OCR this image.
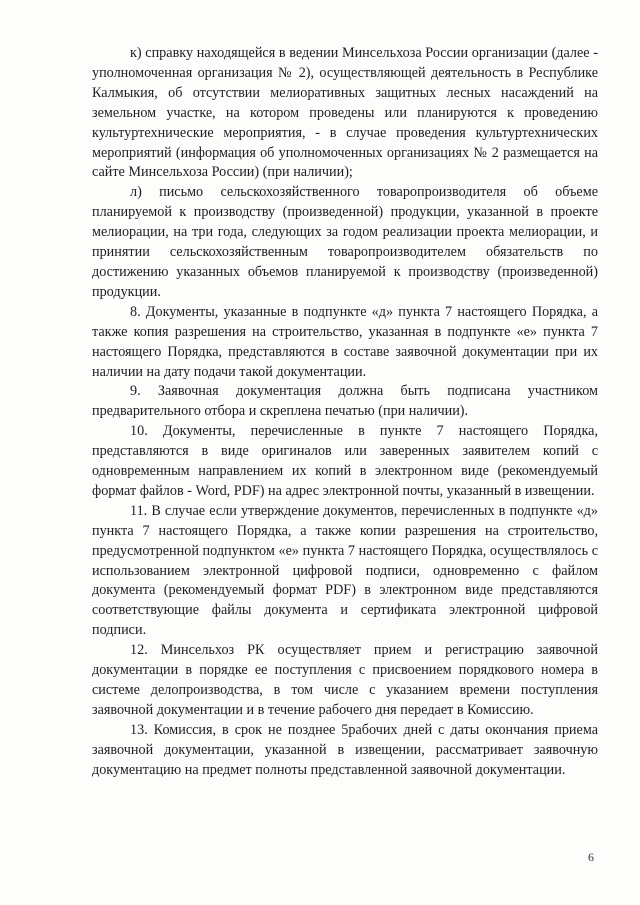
к) справку находящейся в ведении Минсельхоза России организации (далее - уполномоченная организация № 2), осуществляющей деятельность в Республике Калмыкия, об отсутствии мелиоративных защитных лесных насаждений на земельном участке, на котором проведены или планируются к проведению культуртехнические мероприятия, - в случае проведения культуртехнических мероприятий (информация об уполномоченных организациях № 2 размещается на сайте Минсельхоза России) (при наличии);

л) письмо сельскохозяйственного товаропроизводителя об объеме планируемой к производству (произведенной) продукции, указанной в проекте мелиорации, на три года, следующих за годом реализации проекта мелиорации, и принятии сельскохозяйственным товаропроизводителем обязательств по достижению указанных объемов планируемой к производству (произведенной) продукции.

8. Документы, указанные в подпункте «д» пункта 7 настоящего Порядка, а также копия разрешения на строительство, указанная в подпункте «е» пункта 7 настоящего Порядка, представляются в составе заявочной документации при их наличии на дату подачи такой документации.

9. Заявочная документация должна быть подписана участником предварительного отбора и скреплена печатью (при наличии).

10. Документы, перечисленные в пункте 7 настоящего Порядка, представляются в виде оригиналов или заверенных заявителем копий с одновременным направлением их копий в электронном виде (рекомендуемый формат файлов - Word, PDF) на адрес электронной почты, указанный в извещении.

11. В случае если утверждение документов, перечисленных в подпункте «д» пункта 7 настоящего Порядка, а также копии разрешения на строительство, предусмотренной подпунктом «е» пункта 7 настоящего Порядка, осуществлялось с использованием электронной цифровой подписи, одновременно с файлом документа (рекомендуемый формат PDF) в электронном виде представляются соответствующие файлы документа и сертификата электронной цифровой подписи.

12. Минсельхоз РК осуществляет прием и регистрацию заявочной документации в порядке ее поступления с присвоением порядкового номера в системе делопроизводства, в том числе с указанием времени поступления заявочной документации и в течение рабочего дня передает в Комиссию.

13. Комиссия, в срок не позднее 5рабочих дней с даты окончания приема заявочной документации, указанной в извещении, рассматривает заявочную документацию на предмет полноты представленной заявочной документации.

6
